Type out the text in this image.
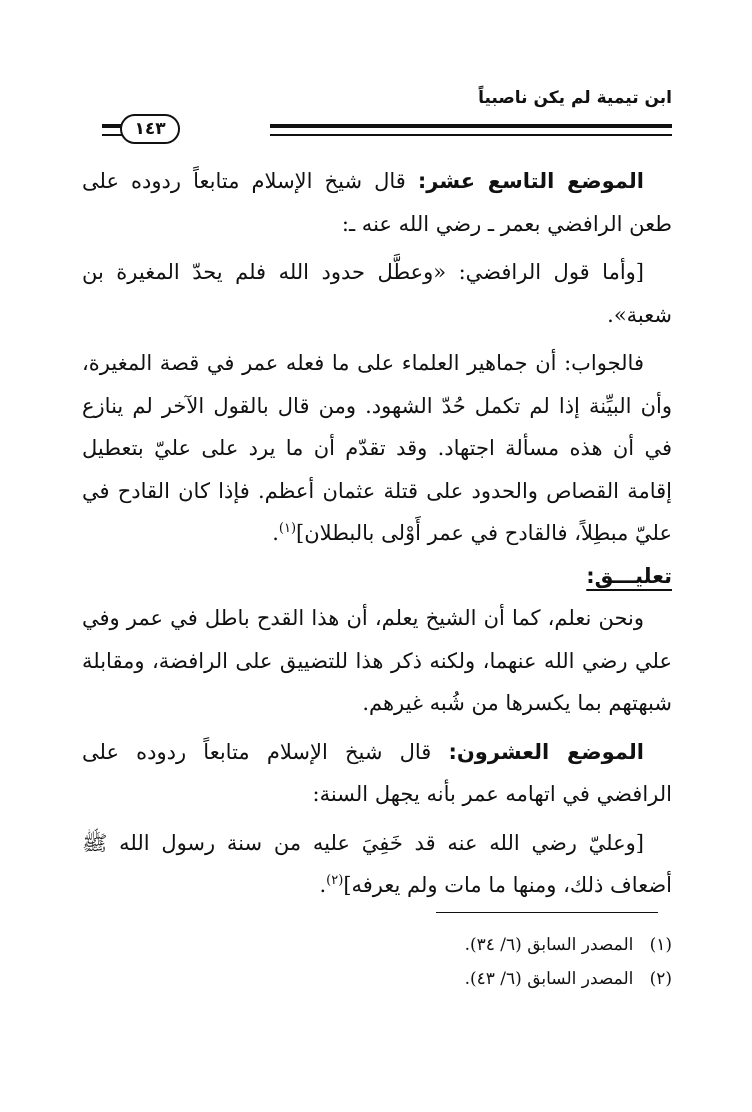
ابن تيمية لم يكن ناصبياً
١٤٣

الموضع التاسع عشر: قال شيخ الإسلام متابعاً ردوده على طعن الرافضي بعمر ـ رضي الله عنه ـ:

[وأما قول الرافضي: «وعطَّل حدود الله فلم يحدّ المغيرة بن شعبة».

فالجواب: أن جماهير العلماء على ما فعله عمر في قصة المغيرة، وأن البيِّنة إذا لم تكمل حُدّ الشهود. ومن قال بالقول الآخر لم ينازع في أن هذه مسألة اجتهاد. وقد تقدّم أن ما يرد على عليّ بتعطيل إقامة القصاص والحدود على قتلة عثمان أعظم. فإذا كان القادح في عليّ مبطِلاً، فالقادح في عمر أَوْلى بالبطلان]$^{(١)}$.

تعليـــق:

ونحن نعلم، كما أن الشيخ يعلم، أن هذا القدح باطل في عمر وفي علي رضي الله عنهما، ولكنه ذكر هذا للتضييق على الرافضة، ومقابلة شبهتهم بما يكسرها من شُبه غيرهم.

الموضع العشرون: قال شيخ الإسلام متابعاً ردوده على الرافضي في اتهامه عمر بأنه يجهل السنة:

[وعليّ رضي الله عنه قد خَفِيَ عليه من سنة رسول الله ﷺ أضعاف ذلك، ومنها ما مات ولم يعرفه]$^{(٢)}$.

(١)   المصدر السابق (٦/ ٣٤).
(٢)   المصدر السابق (٦/ ٤٣).
